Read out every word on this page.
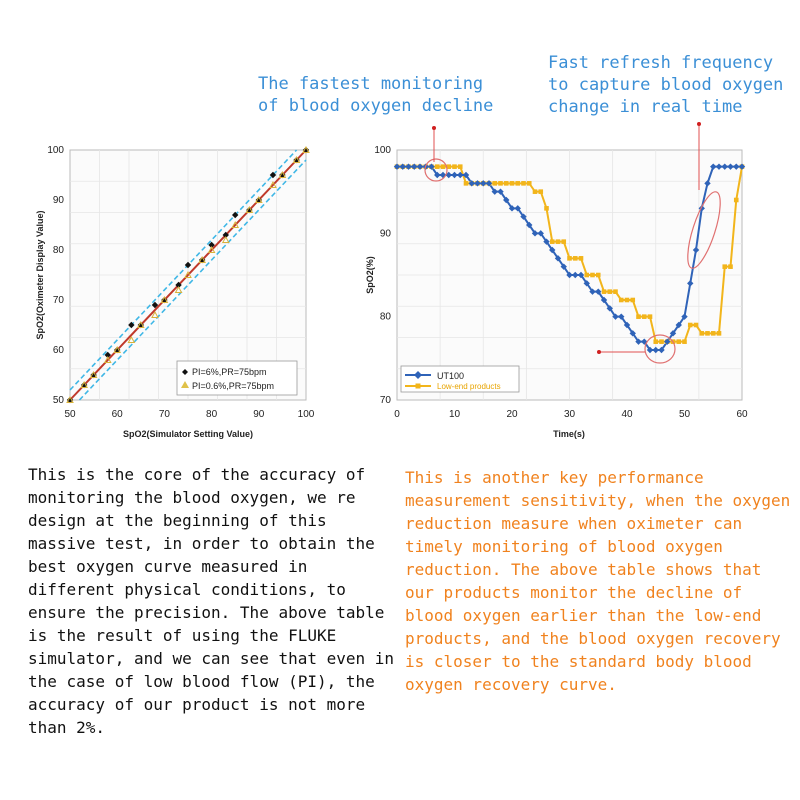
The fastest monitoring
of blood oxygen decline
Fast refresh frequency
to capture blood oxygen
change in real time
50	60	70	80	90	100
50
60
70
80
90
100
SpO2(Simulator Setting Value)
SpO2(Oximeter Display Value)
PI=6%,PR=75bpm
PI=0.6%,PR=75bpm
0	10	20	30	40	50	60
70
80
90
100
Time(s)
SpO2(%)
UT100
Low-end products

This is the core of the accuracy of monitoring the blood oxygen, we re design at the beginning of this massive test, in order to obtain the best oxygen curve measured in different physical conditions, to ensure the precision. The above table is the result of using the FLUKE simulator, and we can see that even in the case of low blood flow (PI), the accuracy of our product is not more than 2%.

This is another key performance measurement sensitivity, when the oxygen reduction measure when oximeter can timely monitoring of blood oxygen reduction. The above table shows that our products monitor the decline of blood oxygen earlier than the low-end products, and the blood oxygen recovery is closer to the standard body blood oxygen recovery curve.
